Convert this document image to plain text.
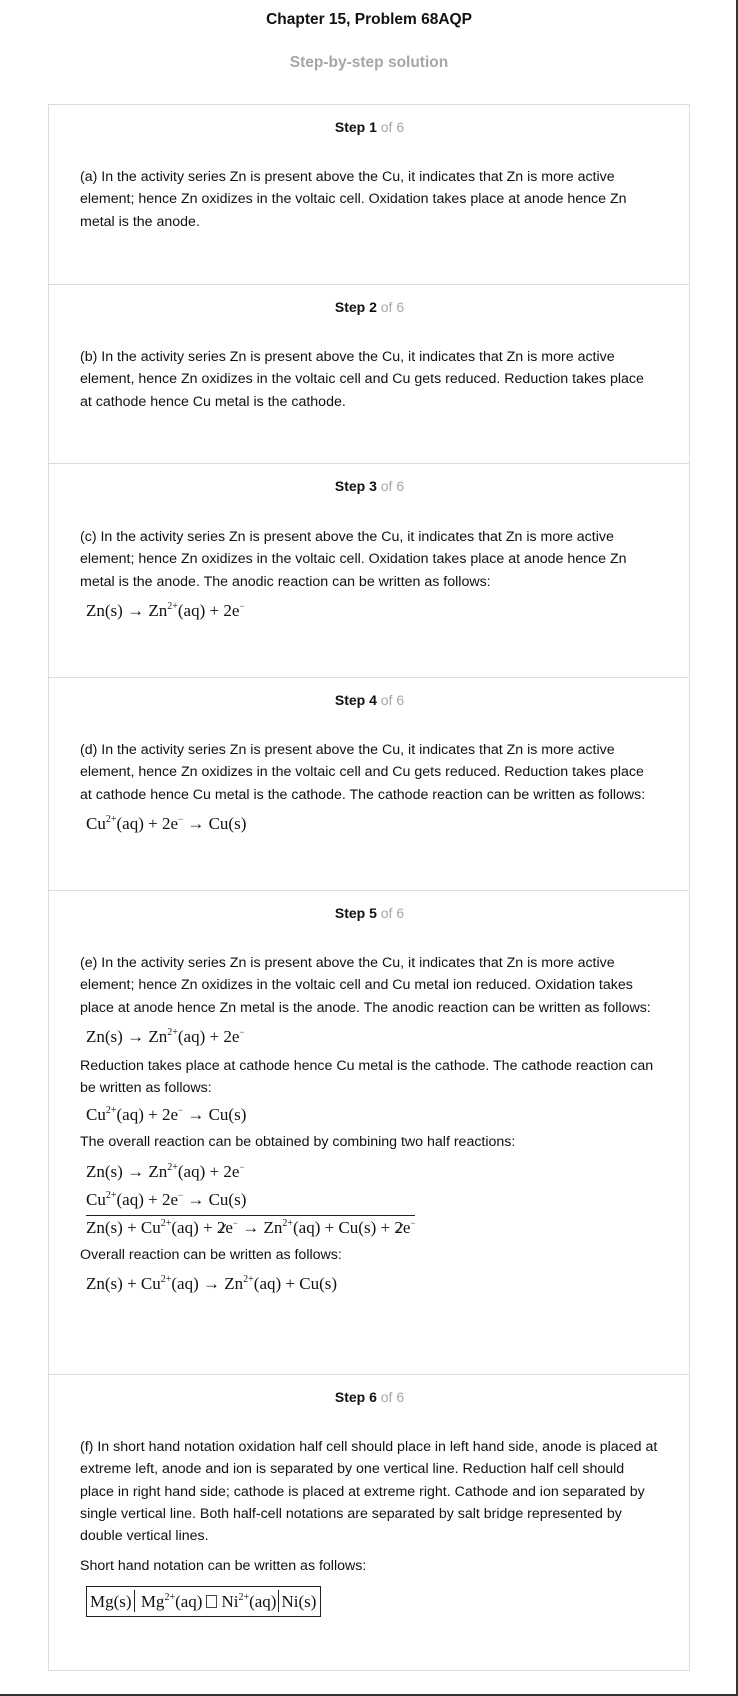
Chapter 15, Problem 68AQP
Step-by-step solution
Step 1 of 6

(a) In the activity series Zn is present above the Cu, it indicates that Zn is more active element; hence Zn oxidizes in the voltaic cell. Oxidation takes place at anode hence Zn metal is the anode.

Step 2 of 6

(b) In the activity series Zn is present above the Cu, it indicates that Zn is more active element, hence Zn oxidizes in the voltaic cell and Cu gets reduced. Reduction takes place at cathode hence Cu metal is the cathode.

Step 3 of 6

(c) In the activity series Zn is present above the Cu, it indicates that Zn is more active element; hence Zn oxidizes in the voltaic cell. Oxidation takes place at anode hence Zn metal is the anode. The anodic reaction can be written as follows:

$Zn(s) \to Zn^{2+}(aq) + 2e^-$
Step 4 of 6

(d) In the activity series Zn is present above the Cu, it indicates that Zn is more active element, hence Zn oxidizes in the voltaic cell and Cu gets reduced. Reduction takes place at cathode hence Cu metal is the cathode. The cathode reaction can be written as follows:

$Cu^{2+}(aq) + 2e^- \to Cu(s)$
Step 5 of 6

(e) In the activity series Zn is present above the Cu, it indicates that Zn is more active element; hence Zn oxidizes in the voltaic cell and Cu metal ion reduced. Oxidation takes place at anode hence Zn metal is the anode. The anodic reaction can be written as follows:

$Zn(s) \to Zn^{2+}(aq) + 2e^-$

Reduction takes place at cathode hence Cu metal is the cathode. The cathode reaction can be written as follows:

$Cu^{2+}(aq) + 2e^- \to Cu(s)$

The overall reaction can be obtained by combining two half reactions:

$Zn(s) \to Zn^{2+}(aq) + 2e^-$
$Cu^{2+}(aq) + 2e^- \to Cu(s)$
$Zn(s) + Cu^{2+}(aq) + 2e^- \to Zn^{2+}(aq) + Cu(s) + 2e^-$

Overall reaction can be written as follows:

$Zn(s) + Cu^{2+}(aq) \to Zn^{2+}(aq) + Cu(s)$
Step 6 of 6

(f) In short hand notation oxidation half cell should place in left hand side, anode is placed at extreme left, anode and ion is separated by one vertical line. Reduction half cell should place in right hand side; cathode is placed at extreme right. Cathode and ion separated by single vertical line. Both half-cell notations are separated by salt bridge represented by double vertical lines.

Short hand notation can be written as follows:

Mg(s) $Mg^{2+}(aq)$ $Ni^{2+}(aq)$ Ni(s)
